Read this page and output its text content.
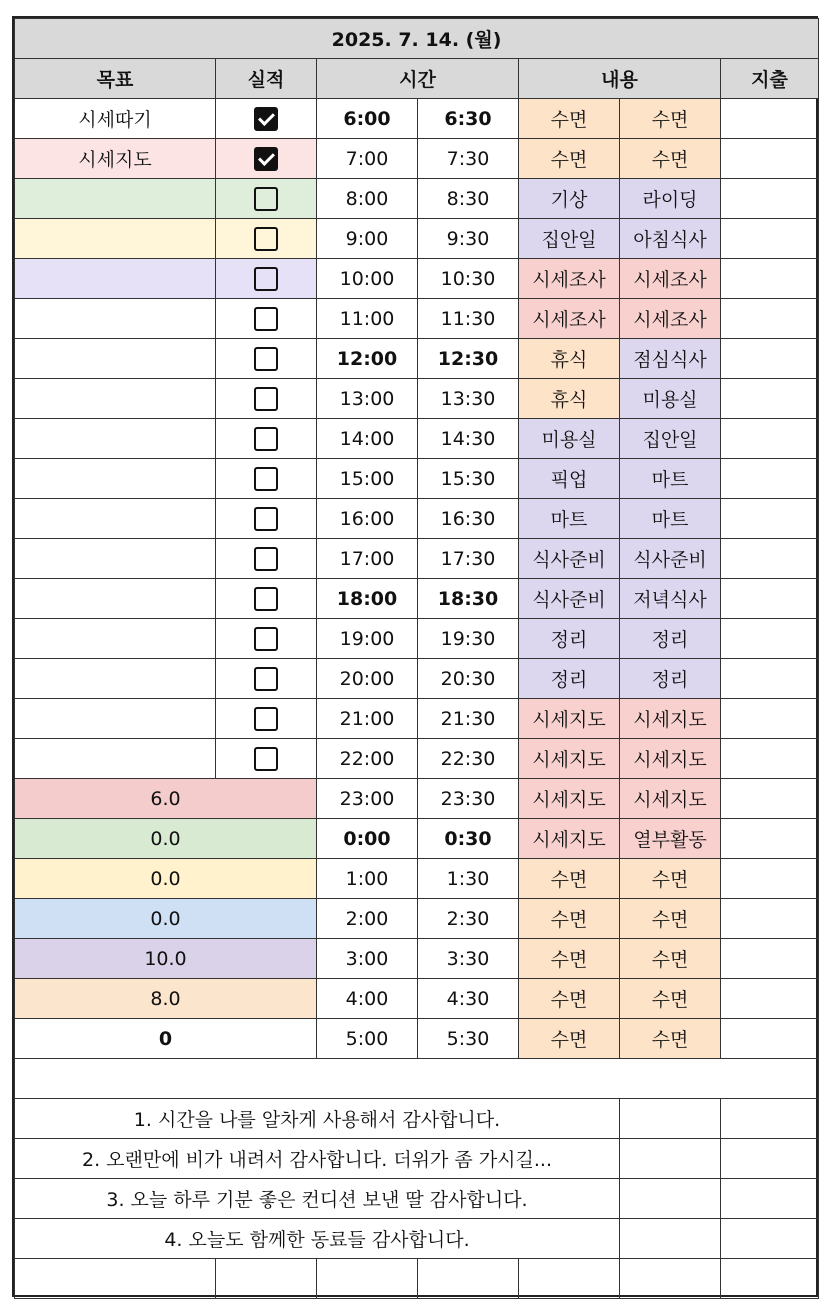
2025. 7. 14. (월)						
목표	실적	시간		내용		지출
시세따기		6:00	6:30	수면	수면	
시세지도		7:00	7:30	수면	수면	
		8:00	8:30	기상	라이딩	
		9:00	9:30	집안일	아침식사	
		10:00	10:30	시세조사	시세조사	
		11:00	11:30	시세조사	시세조사	
		12:00	12:30	휴식	점심식사	
		13:00	13:30	휴식	미용실	
		14:00	14:30	미용실	집안일	
		15:00	15:30	픽업	마트	
		16:00	16:30	마트	마트	
		17:00	17:30	식사준비	식사준비	
		18:00	18:30	식사준비	저녁식사	
		19:00	19:30	정리	정리	
		20:00	20:30	정리	정리	
		21:00	21:30	시세지도	시세지도	
		22:00	22:30	시세지도	시세지도	
6.0		23:00	23:30	시세지도	시세지도	
0.0		0:00	0:30	시세지도	열부활동	
0.0		1:00	1:30	수면	수면	
0.0		2:00	2:30	수면	수면	
10.0		3:00	3:30	수면	수면	
8.0		4:00	4:30	수면	수면	
0		5:00	5:30	수면	수면	

1. 시간을 나를 알차게 사용해서 감사합니다.						
2. 오랜만에 비가 내려서 감사합니다. 더위가 좀 가시길...						
3. 오늘 하루 기분 좋은 컨디션 보낸 딸 감사합니다.						
4. 오늘도 함께한 동료들 감사합니다.						
